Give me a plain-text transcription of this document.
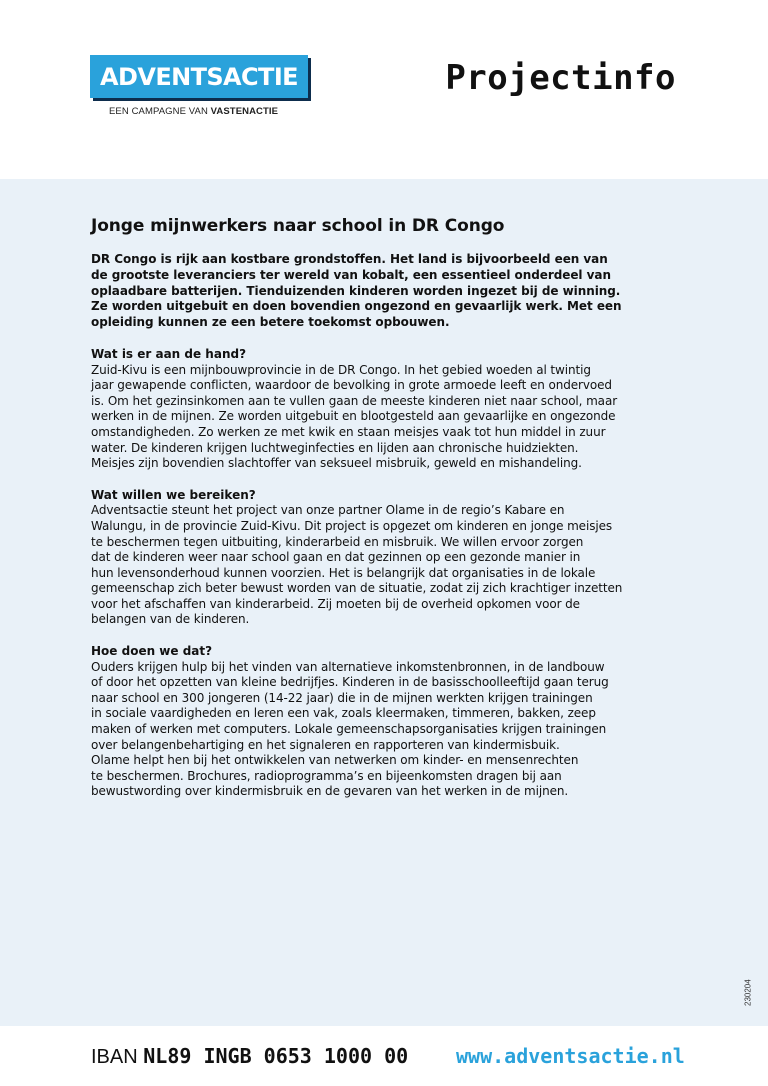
ADVENTSACTIE
EEN CAMPAGNE VAN VASTENACTIE
Projectinfo
Jonge mijnwerkers naar school in DR Congo
DR Congo is rijk aan kostbare grondstoffen. Het land is bijvoorbeeld een van
de grootste leveranciers ter wereld van kobalt, een essentieel onderdeel van
oplaadbare batterijen. Tienduizenden kinderen worden ingezet bij de winning.
Ze worden uitgebuit en doen bovendien ongezond en gevaarlijk werk. Met een
opleiding kunnen ze een betere toekomst opbouwen.
Wat is er aan de hand?
Zuid-Kivu is een mijnbouwprovincie in de DR Congo. In het gebied woeden al twintig
jaar gewapende conflicten, waardoor de bevolking in grote armoede leeft en ondervoed
is. Om het gezinsinkomen aan te vullen gaan de meeste kinderen niet naar school, maar
werken in de mijnen. Ze worden uitgebuit en blootgesteld aan gevaarlijke en ongezonde
omstandigheden. Zo werken ze met kwik en staan meisjes vaak tot hun middel in zuur
water. De kinderen krijgen luchtweginfecties en lijden aan chronische huidziekten.
Meisjes zijn bovendien slachtoffer van seksueel misbruik, geweld en mishandeling.
Wat willen we bereiken?
Adventsactie steunt het project van onze partner Olame in de regio’s Kabare en
Walungu, in de provincie Zuid-Kivu. Dit project is opgezet om kinderen en jonge meisjes
te beschermen tegen uitbuiting, kinderarbeid en misbruik. We willen ervoor zorgen
dat de kinderen weer naar school gaan en dat gezinnen op een gezonde manier in
hun levensonderhoud kunnen voorzien. Het is belangrijk dat organisaties in de lokale
gemeenschap zich beter bewust worden van de situatie, zodat zij zich krachtiger inzetten
voor het afschaffen van kinderarbeid. Zij moeten bij de overheid opkomen voor de
belangen van de kinderen.
Hoe doen we dat?
Ouders krijgen hulp bij het vinden van alternatieve inkomstenbronnen, in de landbouw
of door het opzetten van kleine bedrijfjes. Kinderen in de basisschoolleeftijd gaan terug
naar school en 300 jongeren (14-22 jaar) die in de mijnen werkten krijgen trainingen
in sociale vaardigheden en leren een vak, zoals kleermaken, timmeren, bakken, zeep
maken of werken met computers. Lokale gemeenschapsorganisaties krijgen trainingen
over belangenbehartiging en het signaleren en rapporteren van kindermisbuik.
Olame helpt hen bij het ontwikkelen van netwerken om kinder- en mensenrechten
te beschermen. Brochures, radioprogramma’s en bijeenkomsten dragen bij aan
bewustwording over kindermisbruik en de gevaren van het werken in de mijnen.
230204
IBAN NL89 INGB 0653 1000 00 www.adventsactie.nl
